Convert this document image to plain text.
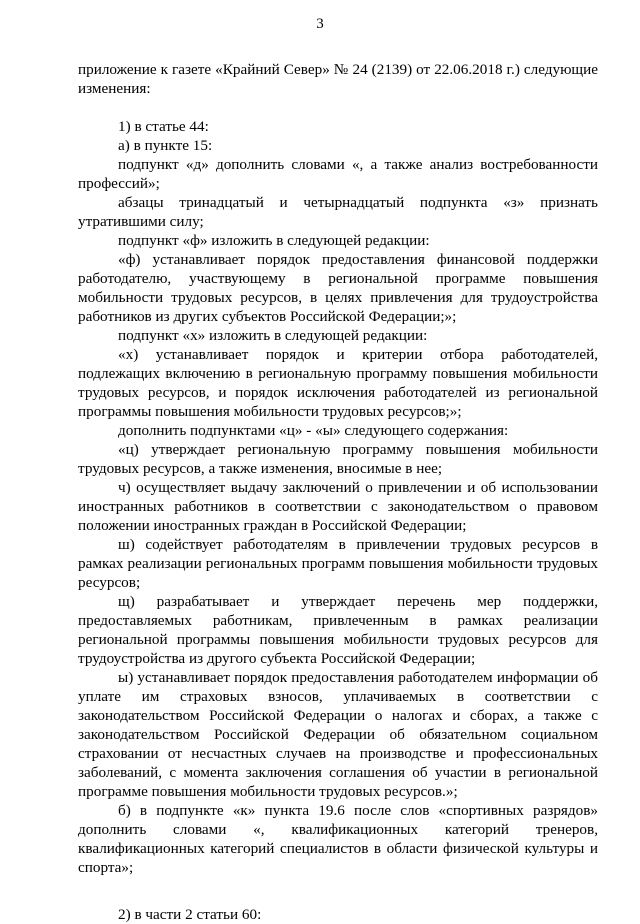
3

приложение к газете «Крайний Север» № 24 (2139) от 22.06.2018 г.) следующие изменения:

1) в статье 44:

а) в пункте 15:

подпункт «д» дополнить словами «, а также анализ востребованности профессий»;

абзацы тринадцатый и четырнадцатый подпункта «з» признать утратившими силу;

подпункт «ф» изложить в следующей редакции:

«ф) устанавливает порядок предоставления финансовой поддержки работодателю, участвующему в региональной программе повышения мобильности трудовых ресурсов, в целях привлечения для трудоустройства работников из других субъектов Российской Федерации;»;

подпункт «х» изложить в следующей редакции:

«х) устанавливает порядок и критерии отбора работодателей, подлежащих включению в региональную программу повышения мобильности трудовых ресурсов, и порядок исключения работодателей из региональной программы повышения мобильности трудовых ресурсов;»;

дополнить подпунктами «ц» - «ы» следующего содержания:

«ц) утверждает региональную программу повышения мобильности трудовых ресурсов, а также изменения, вносимые в нее;

ч) осуществляет выдачу заключений о привлечении и об использовании иностранных работников в соответствии с законодательством о правовом положении иностранных граждан в Российской Федерации;

ш) содействует работодателям в привлечении трудовых ресурсов в рамках реализации региональных программ повышения мобильности трудовых ресурсов;

щ) разрабатывает и утверждает перечень мер поддержки, предоставляемых работникам, привлеченным в рамках реализации региональной программы повышения мобильности трудовых ресурсов для трудоустройства из другого субъекта Российской Федерации;

ы) устанавливает порядок предоставления работодателем информации об уплате им страховых взносов, уплачиваемых в соответствии с законодательством Российской Федерации о налогах и сборах, а также с законодательством Российской Федерации об обязательном социальном страховании от несчастных случаев на производстве и профессиональных заболеваний, с момента заключения соглашения об участии в региональной программе повышения мобильности трудовых ресурсов.»;

б) в подпункте «к» пункта 19.6 после слов «спортивных разрядов» дополнить словами «, квалификационных категорий тренеров, квалификационных категорий специалистов в области физической культуры и спорта»;

2) в части 2 статьи 60:
